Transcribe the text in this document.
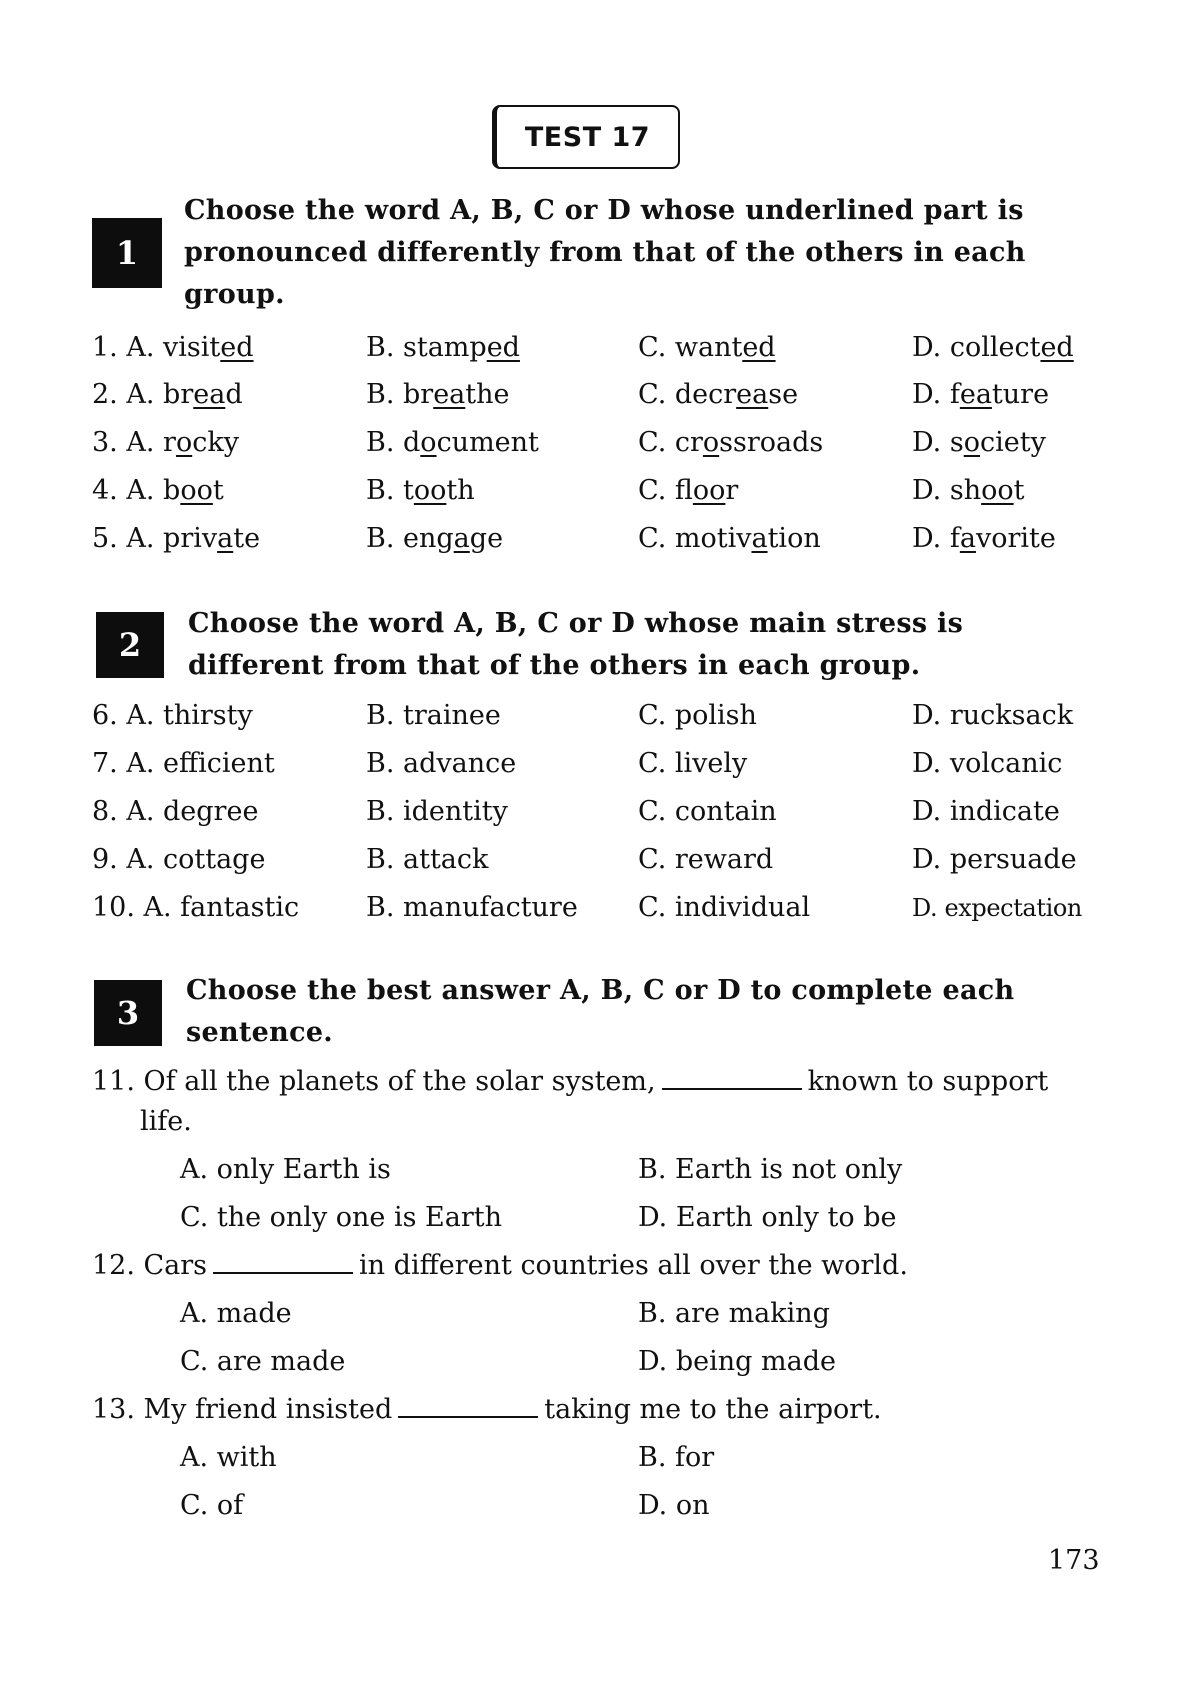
TEST 17
1
Choose the word A, B, C or D whose underlined part is
pronounced differently from that of the others in each
group.
1. A. visited	B. stamped	C. wanted	D. collected
2. A. bread	B. breathe	C. decrease	D. feature
3. A. rocky	B. document	C. crossroads	D. society
4. A. boot	B. tooth	C. floor	D. shoot
5. A. private	B. engage	C. motivation	D. favorite
2
Choose the word A, B, C or D whose main stress is
different from that of the others in each group.
6. A. thirsty	B. trainee	C. polish	D. rucksack
7. A. efficient	B. advance	C. lively	D. volcanic
8. A. degree	B. identity	C. contain	D. indicate
9. A. cottage	B. attack	C. reward	D. persuade
10. A. fantastic B. manufacture C. individual	D. expectation
3
Choose the best answer A, B, C or D to complete each
sentence.
11. Of all the planets of the solar system,	known to support
life.
A. only Earth is	B. Earth is not only
C. the only one is Earth	D. Earth only to be
12. Cars	in different countries all over the world.
A. made	B. are making
C. are made	D. being made
13. My friend insisted	taking me to the airport.
A. with	B. for
C. of	D. on
173
